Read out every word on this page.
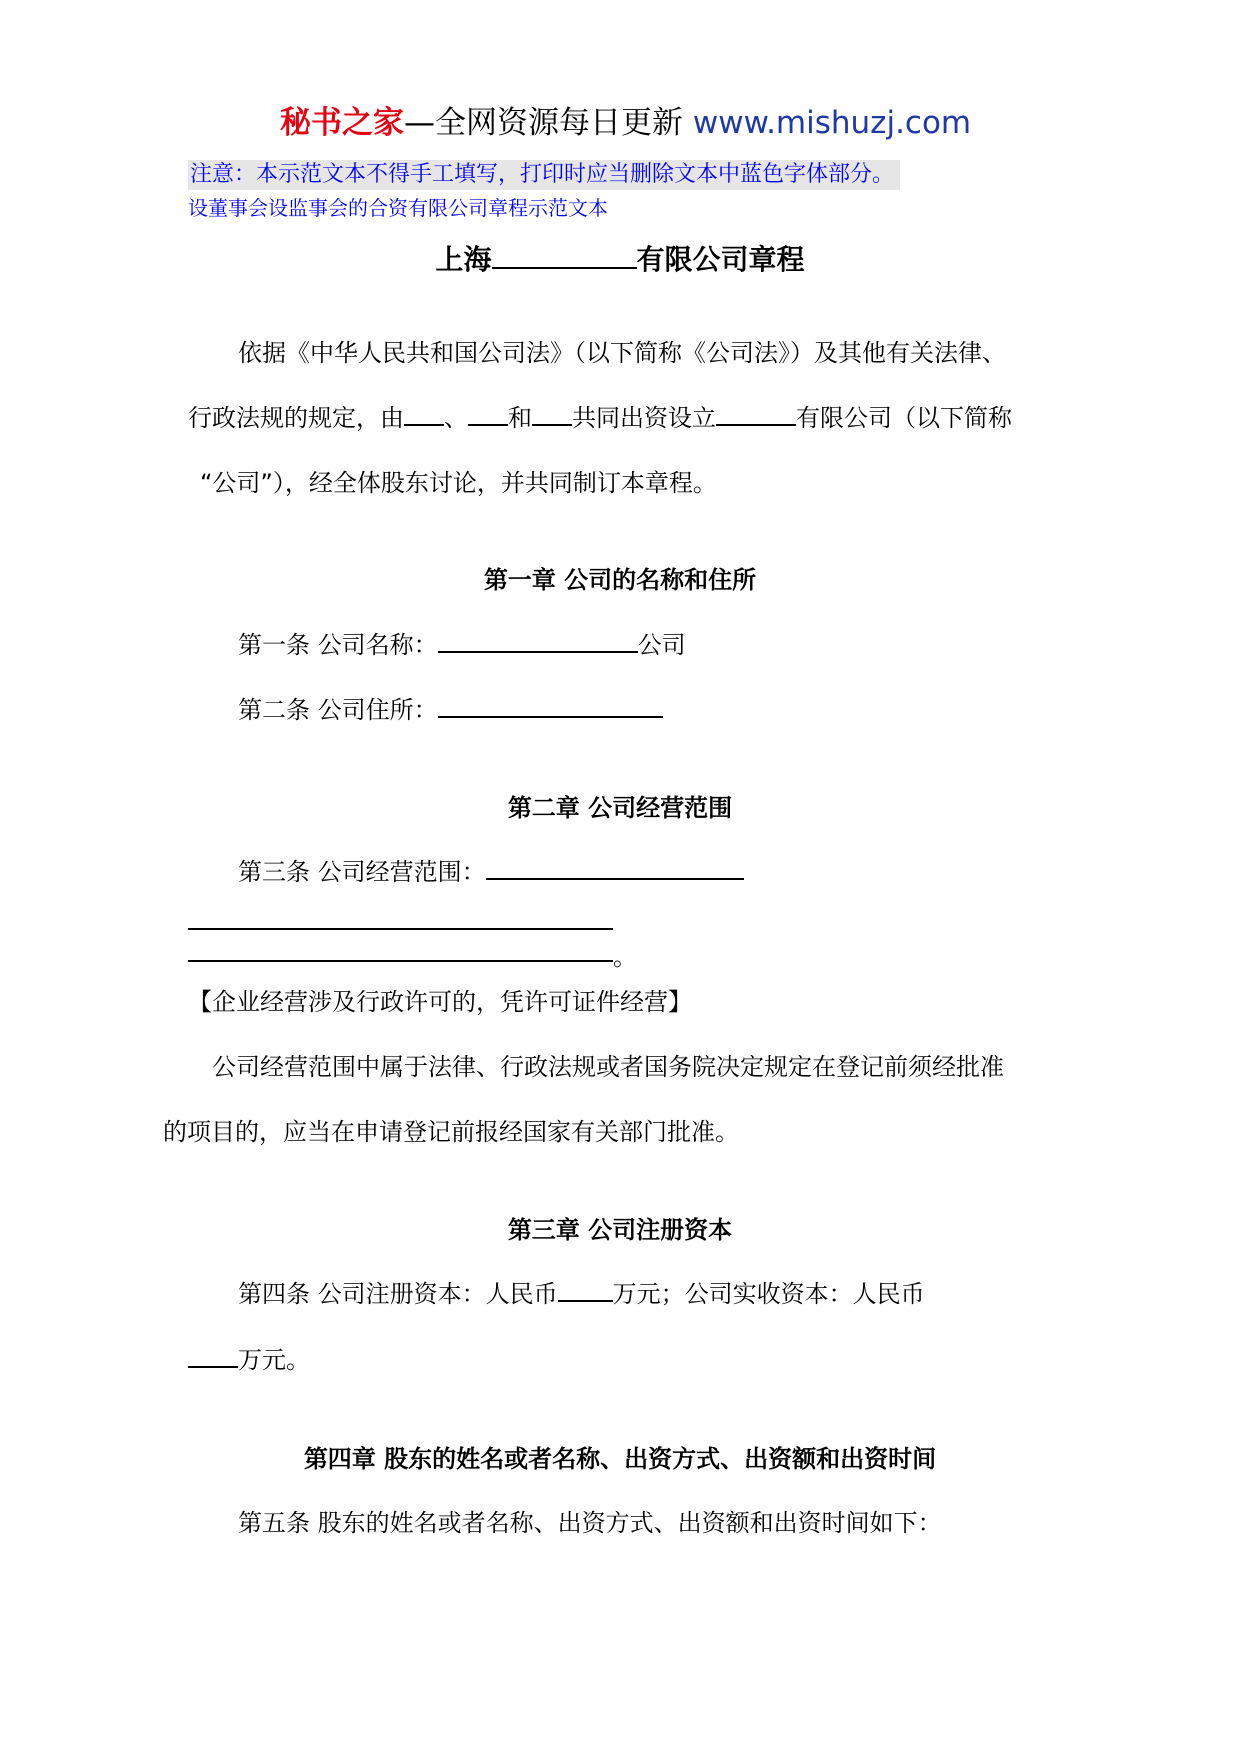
秘书之家—全网资源每日更新 www.mishuzj.com
注意：本示范文本不得手工填写，打印时应当删除文本中蓝色字体部分。
设董事会设监事会的合资有限公司章程示范文本
上海	有限公司章程
依据《中华人民共和国公司法》（以下简称《公司法》）及其他有关法律、
行政法规的规定，由 、 和 共同出资设立	有限公司（以下简称
“公司”），经全体股东讨论，并共同制订本章程。
第一章 公司的名称和住所
第一条 公司名称：	公司
第二条 公司住所：
第二章 公司经营范围
第三条 公司经营范围：
。
【企业经营涉及行政许可的，凭许可证件经营】
公司经营范围中属于法律、行政法规或者国务院决定规定在登记前须经批准
的项目的，应当在申请登记前报经国家有关部门批准。
第三章 公司注册资本
第四条 公司注册资本：人民币 万元；公司实收资本：人民币
万元。
第四章 股东的姓名或者名称、出资方式、出资额和出资时间
第五条 股东的姓名或者名称、出资方式、出资额和出资时间如下：
